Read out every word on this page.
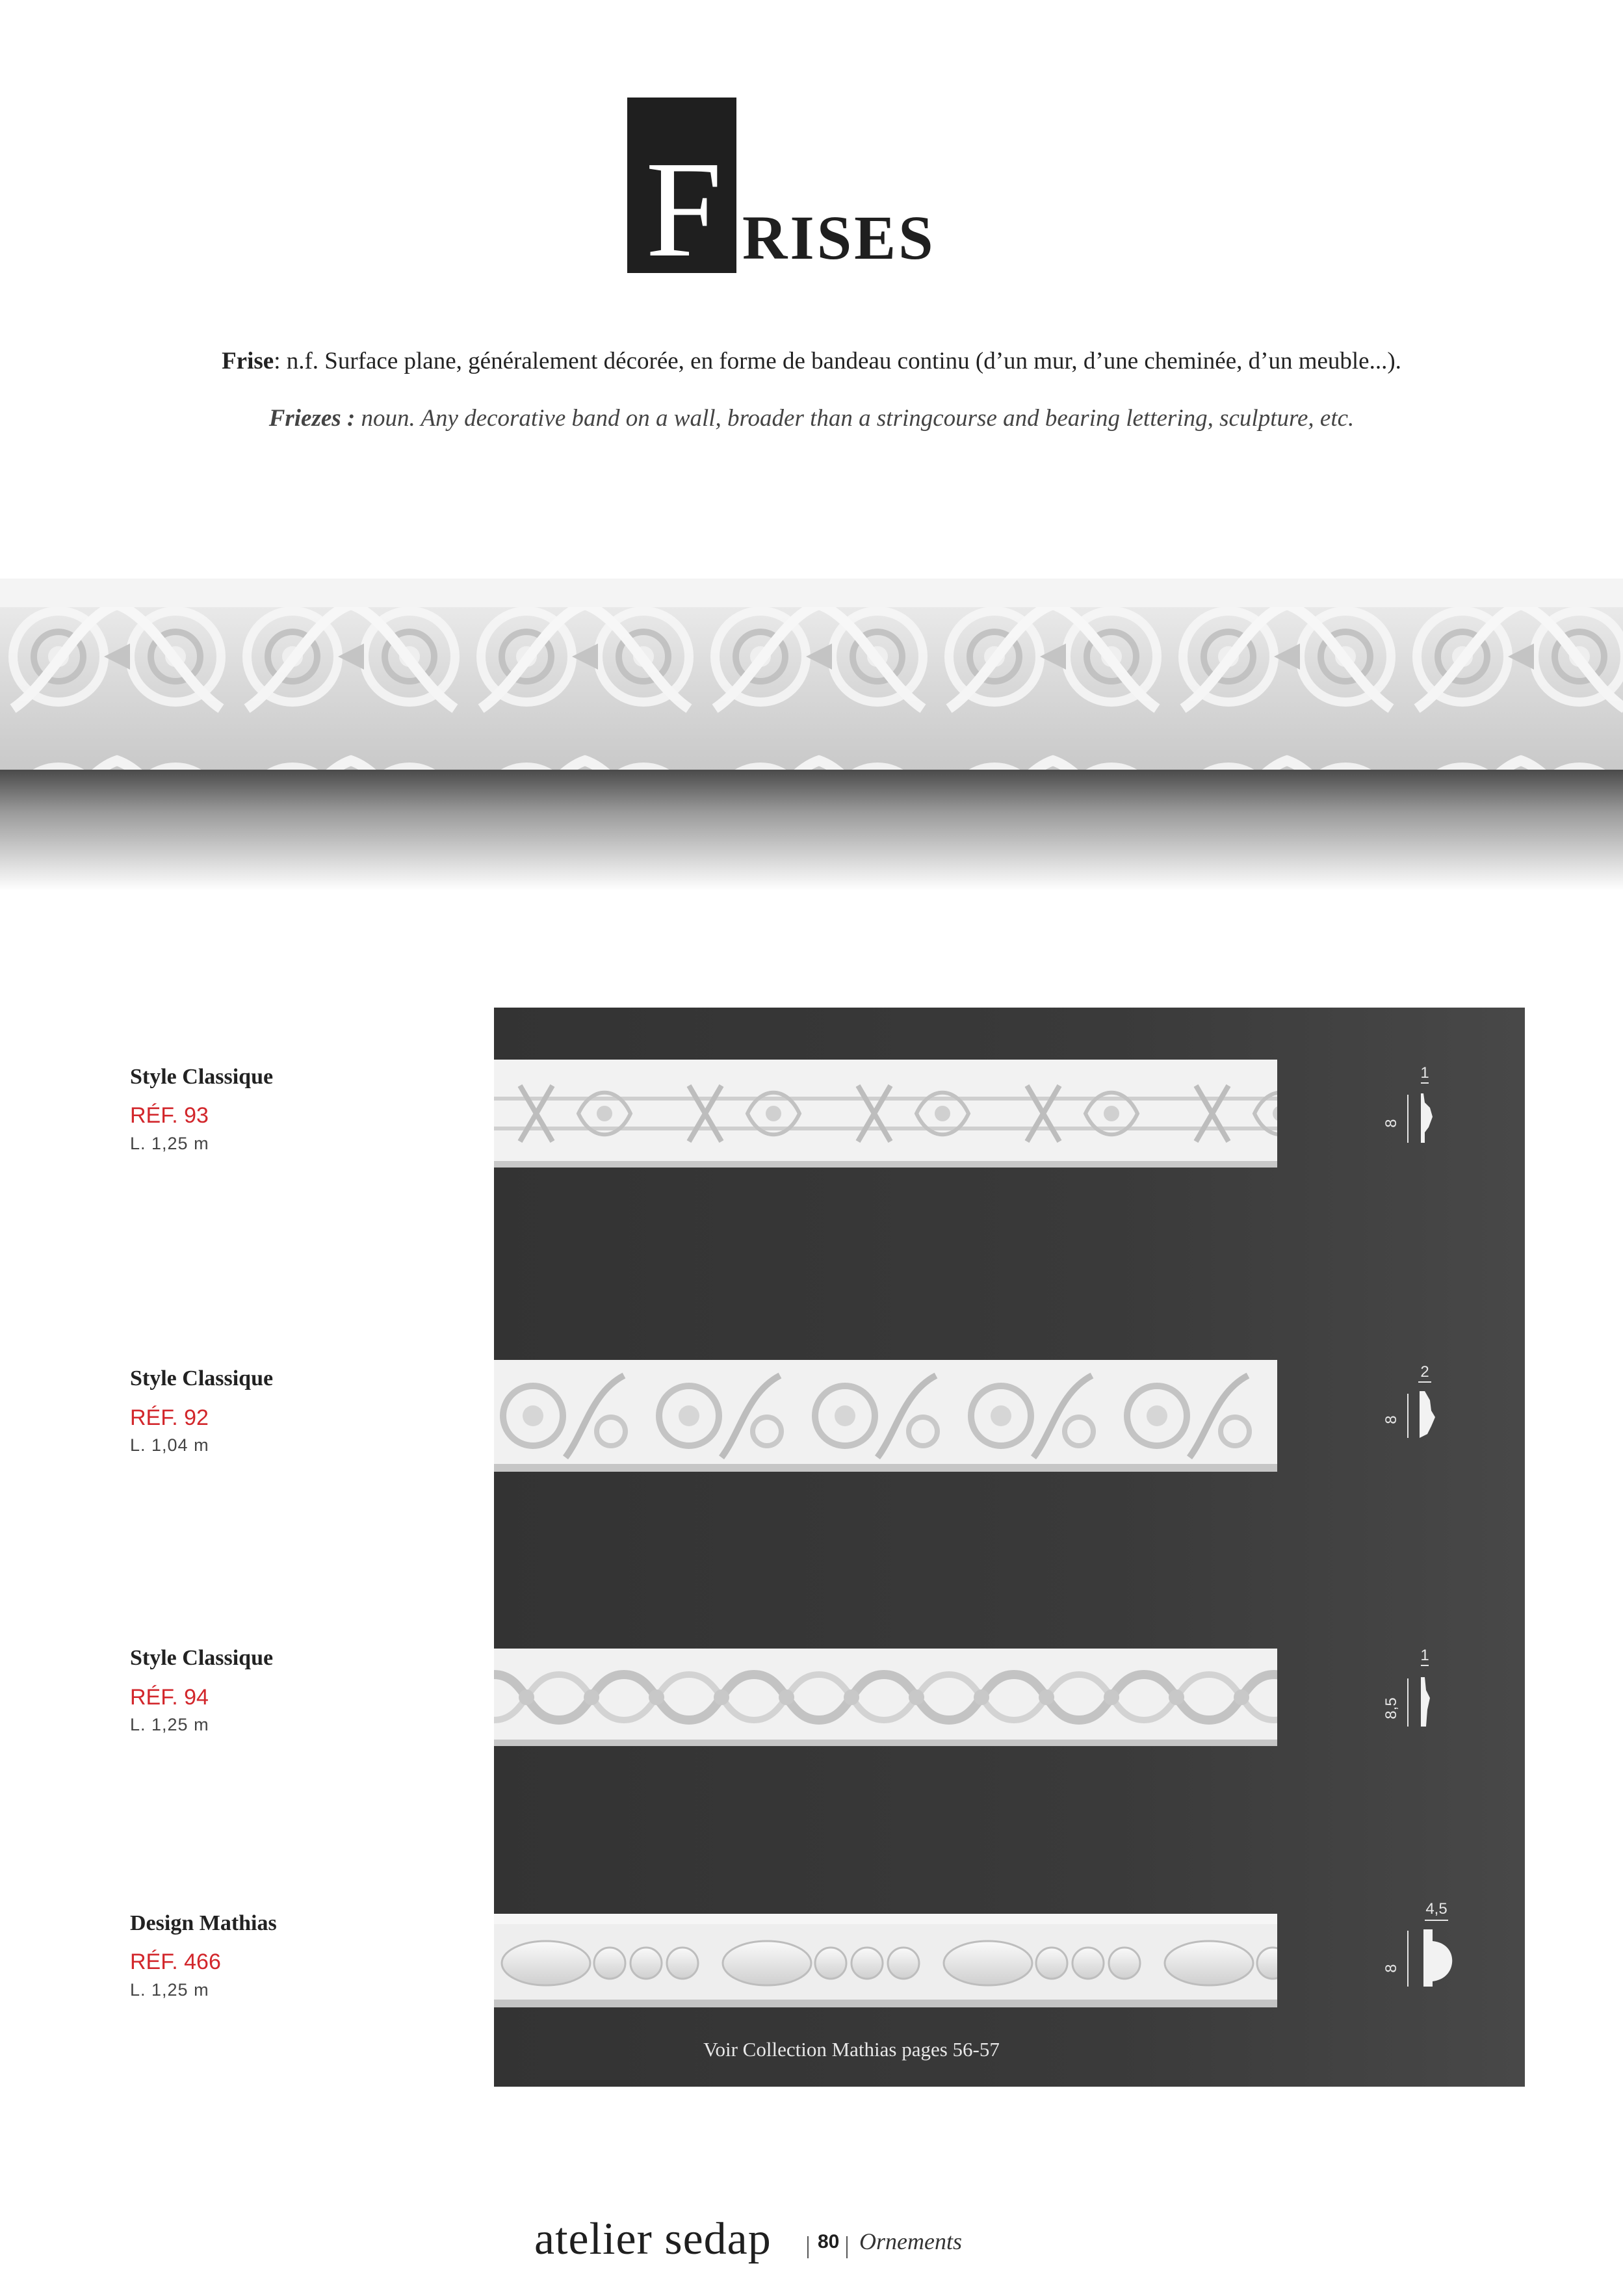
F RISES
Frise: n.f. Surface plane, généralement décorée, en forme de bandeau continu (d’un mur, d’une cheminée, d’un meuble...).
Friezes : noun. Any decorative band on a wall, broader than a stringcourse and bearing lettering, sculpture, etc.
1
8
2
8
1
8,5
4,5
8
Style Classique
RÉF. 93
L. 1,25 m
Style Classique
RÉF. 92
L. 1,04 m
Style Classique
RÉF. 94
L. 1,25 m
Design Mathias
RÉF. 466
L. 1,25 m
Voir Collection Mathias pages 56-57
atelier sedap 80 Ornements
